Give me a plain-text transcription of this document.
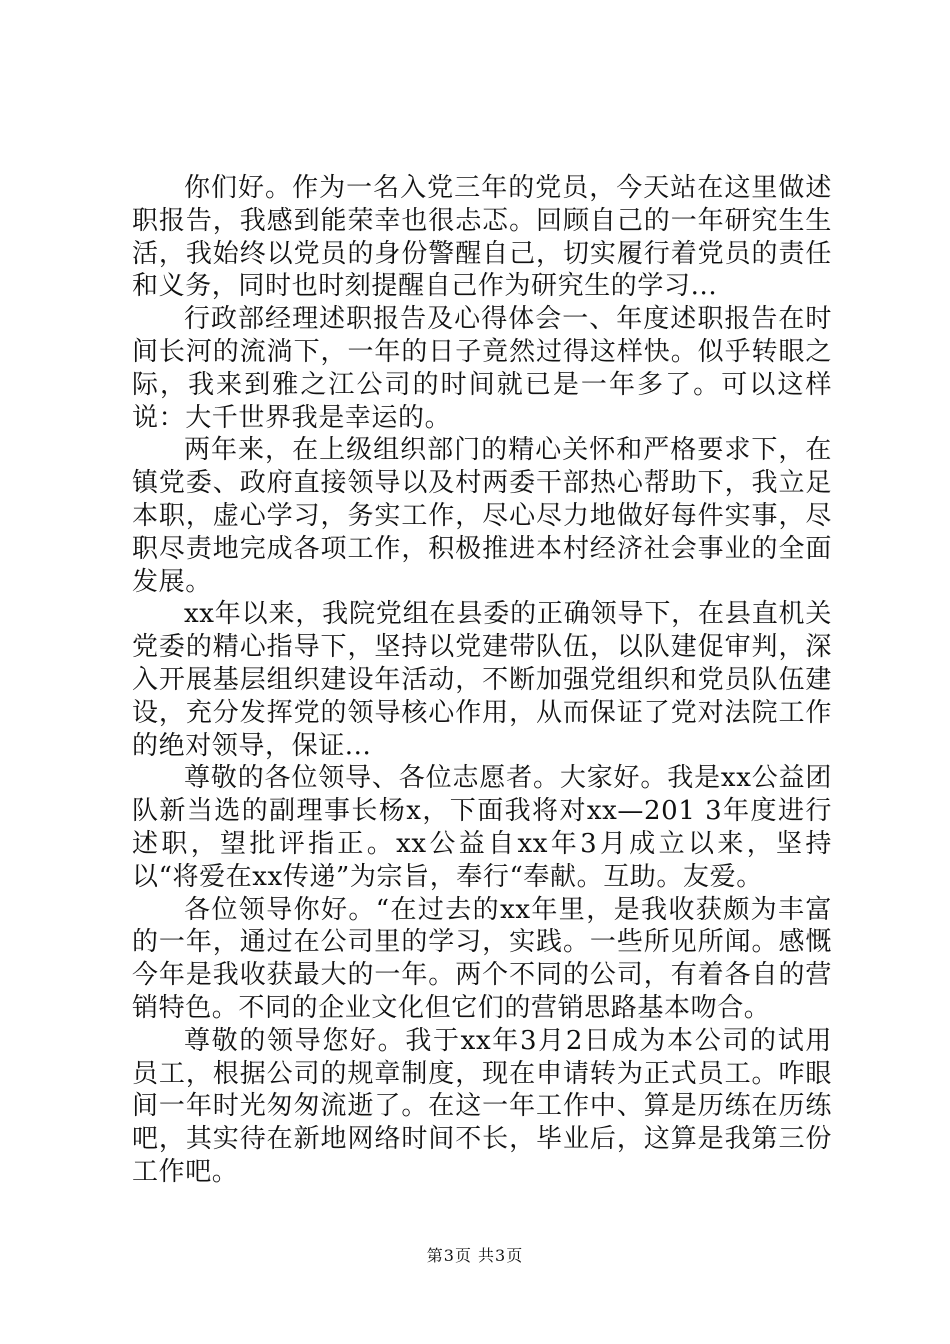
你们好。作为一名入党三年的党员，今天站在这里做述职报告，我感到能荣幸也很忐忑。回顾自己的一年研究生生活，我始终以党员的身份警醒自己，切实履行着党员的责任和义务，同时也时刻提醒自己作为研究生的学习...

行政部经理述职报告及心得体会一、年度述职报告在时间长河的流淌下，一年的日子竟然过得这样快。似乎转眼之际，我来到雅之江公司的时间就已是一年多了。可以这样说：大千世界我是幸运的。

两年来，在上级组织部门的精心关怀和严格要求下，在镇党委、政府直接领导以及村两委干部热心帮助下，我立足本职，虚心学习，务实工作，尽心尽力地做好每件实事，尽职尽责地完成各项工作，积极推进本村经济社会事业的全面发展。

xx年以来，我院党组在县委的正确领导下，在县直机关党委的精心指导下，坚持以党建带队伍，以队建促审判，深入开展基层组织建设年活动，不断加强党组织和党员队伍建设，充分发挥党的领导核心作用，从而保证了党对法院工作的绝对领导，保证...

尊敬的各位领导、各位志愿者。大家好。我是xx公益团队新当选的副理事长杨x，下面我将对xx—201 3年度进行述职，望批评指正。xx公益自xx年3月成立以来，坚持以“将爱在xx传递”为宗旨，奉行“奉献。互助。友爱。

各位领导你好。“在过去的xx年里，是我收获颇为丰富的一年，通过在公司里的学习，实践。一些所见所闻。感慨今年是我收获最大的一年。两个不同的公司，有着各自的营销特色。不同的企业文化但它们的营销思路基本吻合。

尊敬的领导您好。我于xx年3月2日成为本公司的试用员工，根据公司的规章制度，现在申请转为正式员工。咋眼间一年时光匆匆流逝了。在这一年工作中、算是历练在历练吧，其实待在新地网络时间不长，毕业后，这算是我第三份工作吧。

第3页 共3页
